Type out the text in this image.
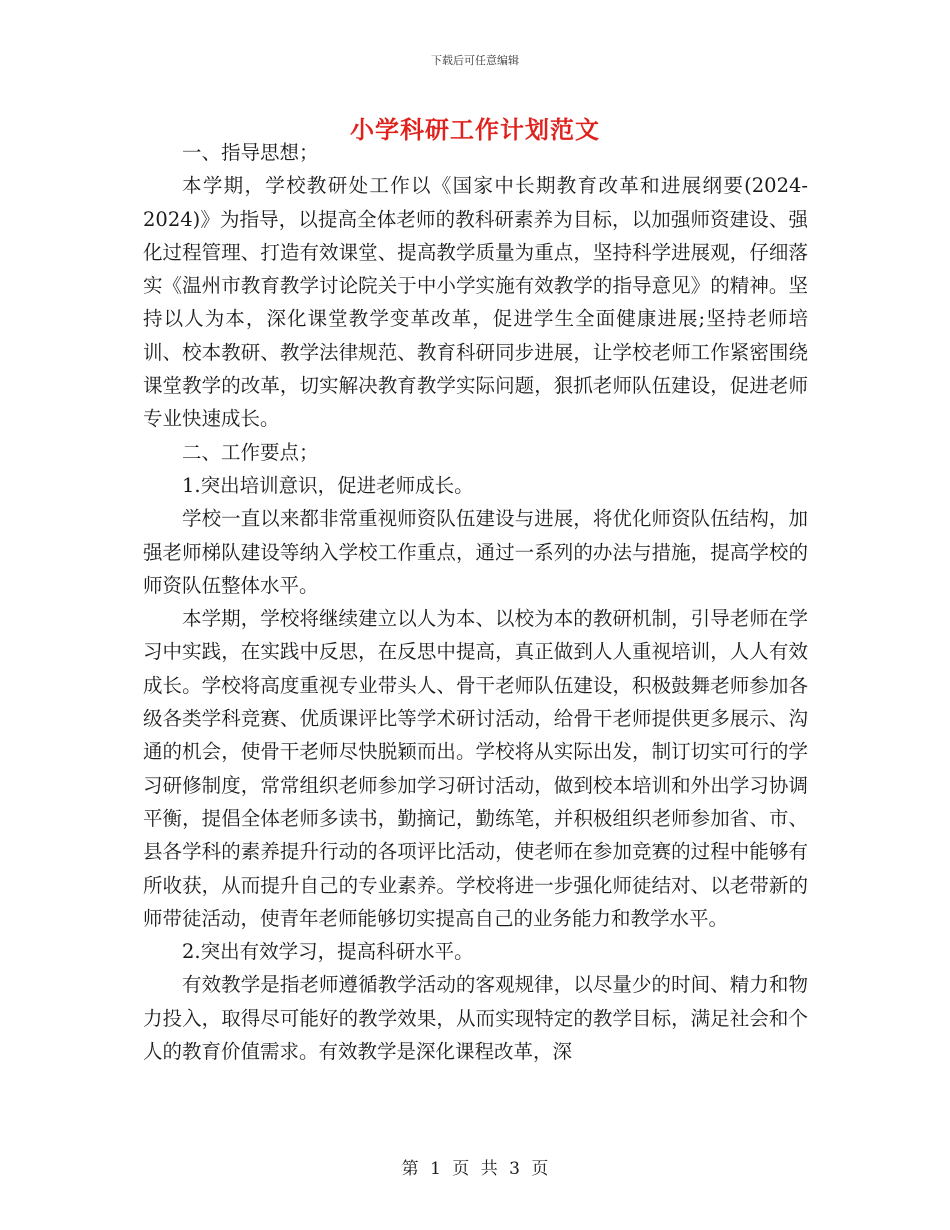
下载后可任意编辑
小学科研工作计划范文

一、指导思想；

本学期，学校教研处工作以《国家中长期教育改革和进展纲要(2024-2024)》为指导，以提高全体老师的教科研素养为目标，以加强师资建设、强化过程管理、打造有效课堂、提高教学质量为重点，坚持科学进展观，仔细落实《温州市教育教学讨论院关于中小学实施有效教学的指导意见》的精神。坚持以人为本，深化课堂教学变革改革，促进学生全面健康进展;坚持老师培训、校本教研、教学法律规范、教育科研同步进展，让学校老师工作紧密围绕课堂教学的改革，切实解决教育教学实际问题，狠抓老师队伍建设，促进老师专业快速成长。

二、工作要点；

1.突出培训意识，促进老师成长。

学校一直以来都非常重视师资队伍建设与进展，将优化师资队伍结构，加强老师梯队建设等纳入学校工作重点，通过一系列的办法与措施，提高学校的师资队伍整体水平。

本学期，学校将继续建立以人为本、以校为本的教研机制，引导老师在学习中实践，在实践中反思，在反思中提高，真正做到人人重视培训，人人有效成长。学校将高度重视专业带头人、骨干老师队伍建设，积极鼓舞老师参加各级各类学科竞赛、优质课评比等学术研讨活动，给骨干老师提供更多展示、沟通的机会，使骨干老师尽快脱颖而出。学校将从实际出发，制订切实可行的学习研修制度，常常组织老师参加学习研讨活动，做到校本培训和外出学习协调平衡，提倡全体老师多读书，勤摘记，勤练笔，并积极组织老师参加省、市、县各学科的素养提升行动的各项评比活动，使老师在参加竞赛的过程中能够有所收获，从而提升自己的专业素养。学校将进一步强化师徒结对、以老带新的师带徒活动，使青年老师能够切实提高自己的业务能力和教学水平。

2.突出有效学习，提高科研水平。

有效教学是指老师遵循教学活动的客观规律，以尽量少的时间、精力和物力投入，取得尽可能好的教学效果，从而实现特定的教学目标，满足社会和个人的教育价值需求。有效教学是深化课程改革，深

第 1 页 共 3 页
